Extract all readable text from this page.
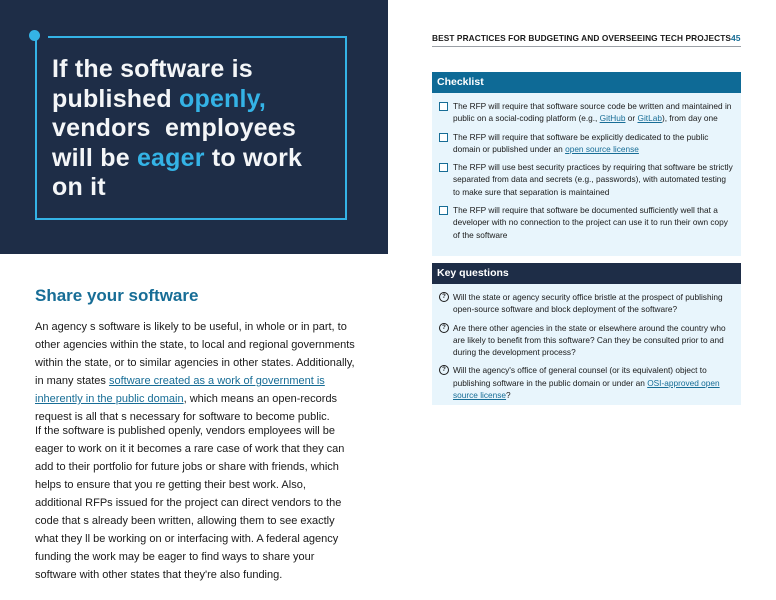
If the software is
published openly,
vendors  employees
will be eager to work
on it
Share your software
An agency s software is likely to be useful, in whole or in part, to other agencies within the state, to local and regional governments within the state, or to similar agencies in other states. Additionally, in many states software created as a work of government is inherently in the public domain, which means an open-records request is all that s necessary for software to become public.
If the software is published openly, vendors employees will be eager to work on it it becomes a rare case of work that they can add to their portfolio for future jobs or share with friends, which helps to ensure that you re getting their best work. Also, additional RFPs issued for the project can direct vendors to the code that s already been written, allowing them to see exactly what they ll be working on or interfacing with. A federal agency funding the work may be eager to find ways to share your software with other states that they're also funding.
BEST PRACTICES FOR BUDGETING AND OVERSEEING TECH PROJECTS 45
Checklist
The RFP will require that software source code be written and maintained in public on a social-coding platform (e.g., GitHub or GitLab), from day one
The RFP will require that software be explicitly dedicated to the public domain or published under an open source license
The RFP will use best security practices by requiring that software be strictly separated from data and secrets (e.g., passwords), with automated testing to make sure that separation is maintained
The RFP will require that software be documented sufficiently well that a developer with no connection to the project can use it to run their own copy of the software
Key questions
? Will the state or agency security office bristle at the prospect of publishing open-source software and block deployment of the software?
? Are there other agencies in the state or elsewhere around the country who are likely to benefit from this software? Can they be consulted prior to and during the development process?
? Will the agency's office of general counsel (or its equivalent) object to publishing software in the public domain or under an OSI-approved open source license?
